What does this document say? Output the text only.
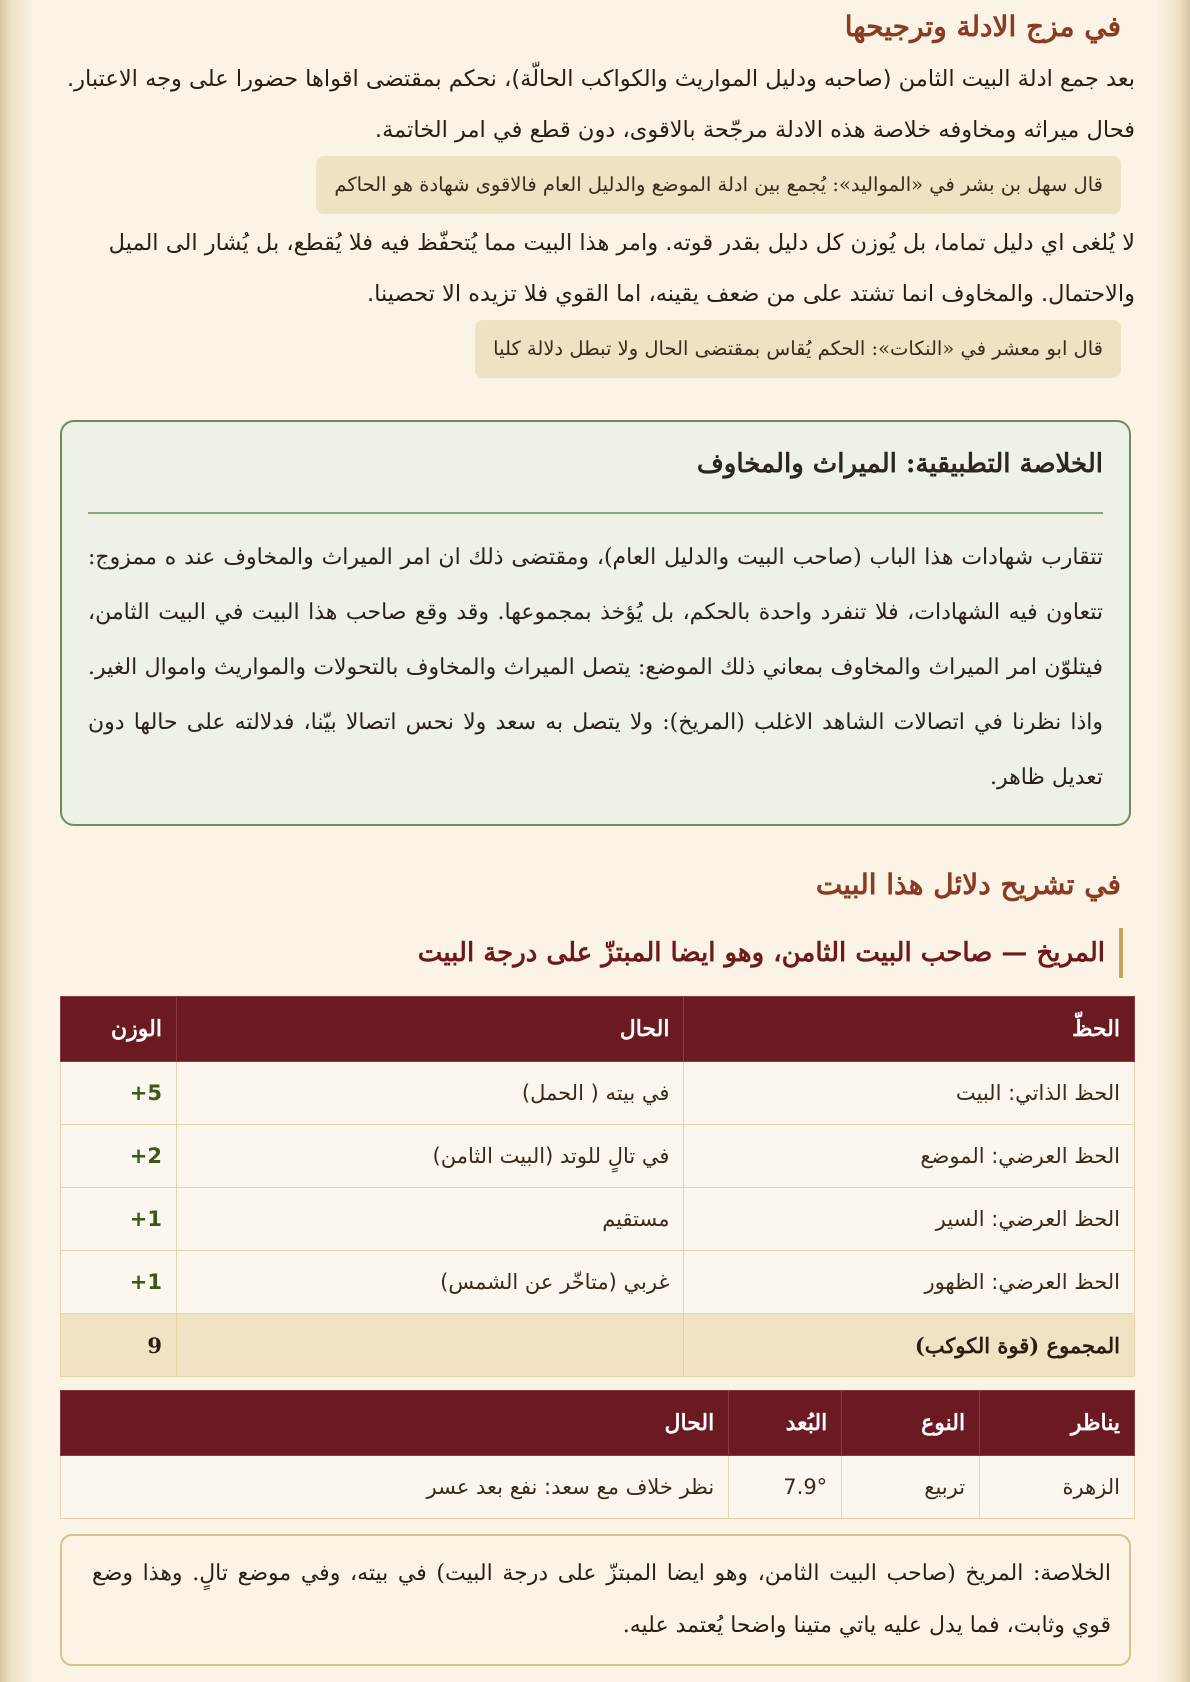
في مزج الادلة وترجيحها

بعد جمع ادلة البيت الثامن (صاحبه ودليل المواريث والكواكب الحالّة)، نحكم بمقتضى اقواها حضورا على وجه الاعتبار. فحال ميراثه ومخاوفه خلاصة هذه الادلة مرجّحة بالاقوى، دون قطع في امر الخاتمة.قال سهل بن بشر في «المواليد»: يُجمع بين ادلة الموضع والدليل العام فالاقوى شهادة هو الحاكم

لا يُلغى اي دليل تماما، بل يُوزن كل دليل بقدر قوته. وامر هذا البيت مما يُتحفّظ فيه فلا يُقطع، بل يُشار الى الميل والاحتمال. والمخاوف انما تشتد على من ضعف يقينه، اما القوي فلا تزيده الا تحصينا.قال ابو معشر في «النكات»: الحكم يُقاس بمقتضى الحال ولا تبطل دلالة كليا

الخلاصة التطبيقية: الميراث والمخاوف

تتقارب شهادات هذا الباب (صاحب البيت والدليل العام)، ومقتضى ذلك ان امر الميراث والمخاوف عند ه ممزوج: تتعاون فيه الشهادات، فلا تنفرد واحدة بالحكم، بل يُؤخذ بمجموعها. وقد وقع صاحب هذا البيت في البيت الثامن، فيتلوّن امر الميراث والمخاوف بمعاني ذلك الموضع: يتصل الميراث والمخاوف بالتحولات والمواريث واموال الغير. واذا نظرنا في اتصالات الشاهد الاغلب (المريخ): ولا يتصل به سعد ولا نحس اتصالا بيّنا، فدلالته على حالها دون تعديل ظاهر.

في تشريح دلائل هذا البيت
المريخ — صاحب البيت الثامن، وهو ايضا المبتزّ على درجة البيت
الحظّ	الحال	الوزن
الحظ الذاتي: البيت	في بيته ( الحمل)	5+
الحظ العرضي: الموضع	في تالٍ للوتد (البيت الثامن)	2+
الحظ العرضي: السير	مستقيم	1+
الحظ العرضي: الظهور	غربي (متاخّر عن الشمس)	1+
المجموع (قوة الكوكب)		9
يناظر	النوع	البُعد	الحال
الزهرة	تربيع	7.9°	نظر خلاف مع سعد: نفع بعد عسر

الخلاصة: المريخ (صاحب البيت الثامن، وهو ايضا المبتزّ على درجة البيت) في بيته، وفي موضع تالٍ. وهذا وضع قوي وثابت، فما يدل عليه ياتي متينا واضحا يُعتمد عليه.
